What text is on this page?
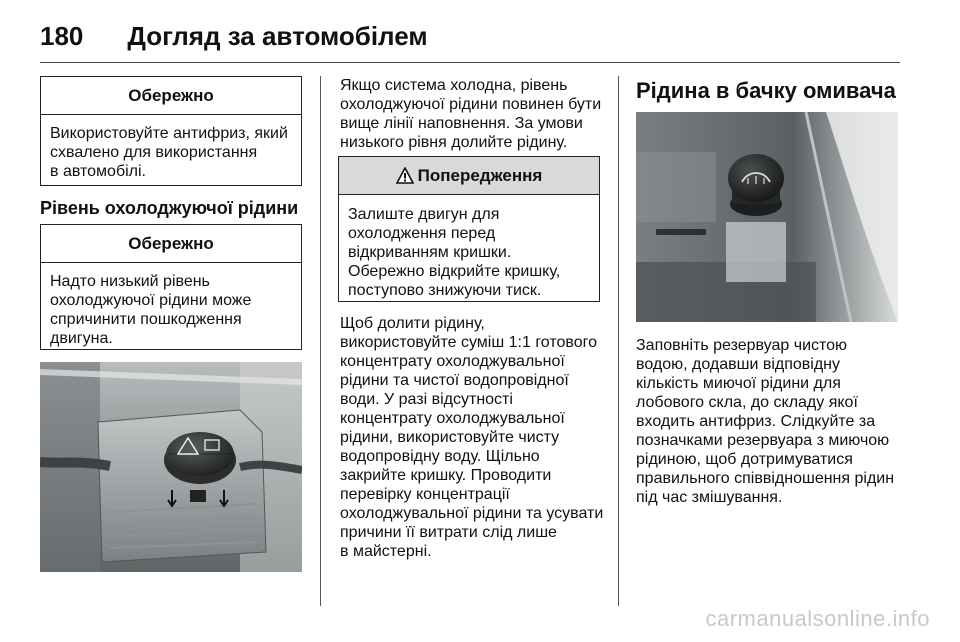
180 Догляд за автомобілем
Обережно
Використовуйте антифриз, який
схвалено для використання
в автомобілі.
Рівень охолоджуючої рідини
Обережно
Надто низький рівень
охолоджуючої рідини може
спричинити пошкодження
двигуна.
Якщо система холодна, рівень
охолоджуючої рідини повинен бути
вище лінії наповнення. За умови
низького рівня долийте рідину.
Попередження
Залиште двигун для
охолодження перед
відкриванням кришки.
Обережно відкрийте кришку,
поступово знижуючи тиск.
Щоб долити рідину,
використовуйте суміш 1:1 готового
концентрату охолоджувальної
рідини та чистої водопровідної
води. У разі відсутності
концентрату охолоджувальної
рідини, використовуйте чисту
водопровідну воду. Щільно
закрийте кришку. Проводити
перевірку концентрації
охолоджувальної рідини та усувати
причини її витрати слід лише
в майстерні.
Рідина в бачку омивача
Заповніть резервуар чистою
водою, додавши відповідну
кількість миючої рідини для
лобового скла, до складу якої
входить антифриз. Слідкуйте за
позначками резервуара з миючою
рідиною, щоб дотримуватися
правильного співвідношення рідин
під час змішування.
carmanualsonline.info
